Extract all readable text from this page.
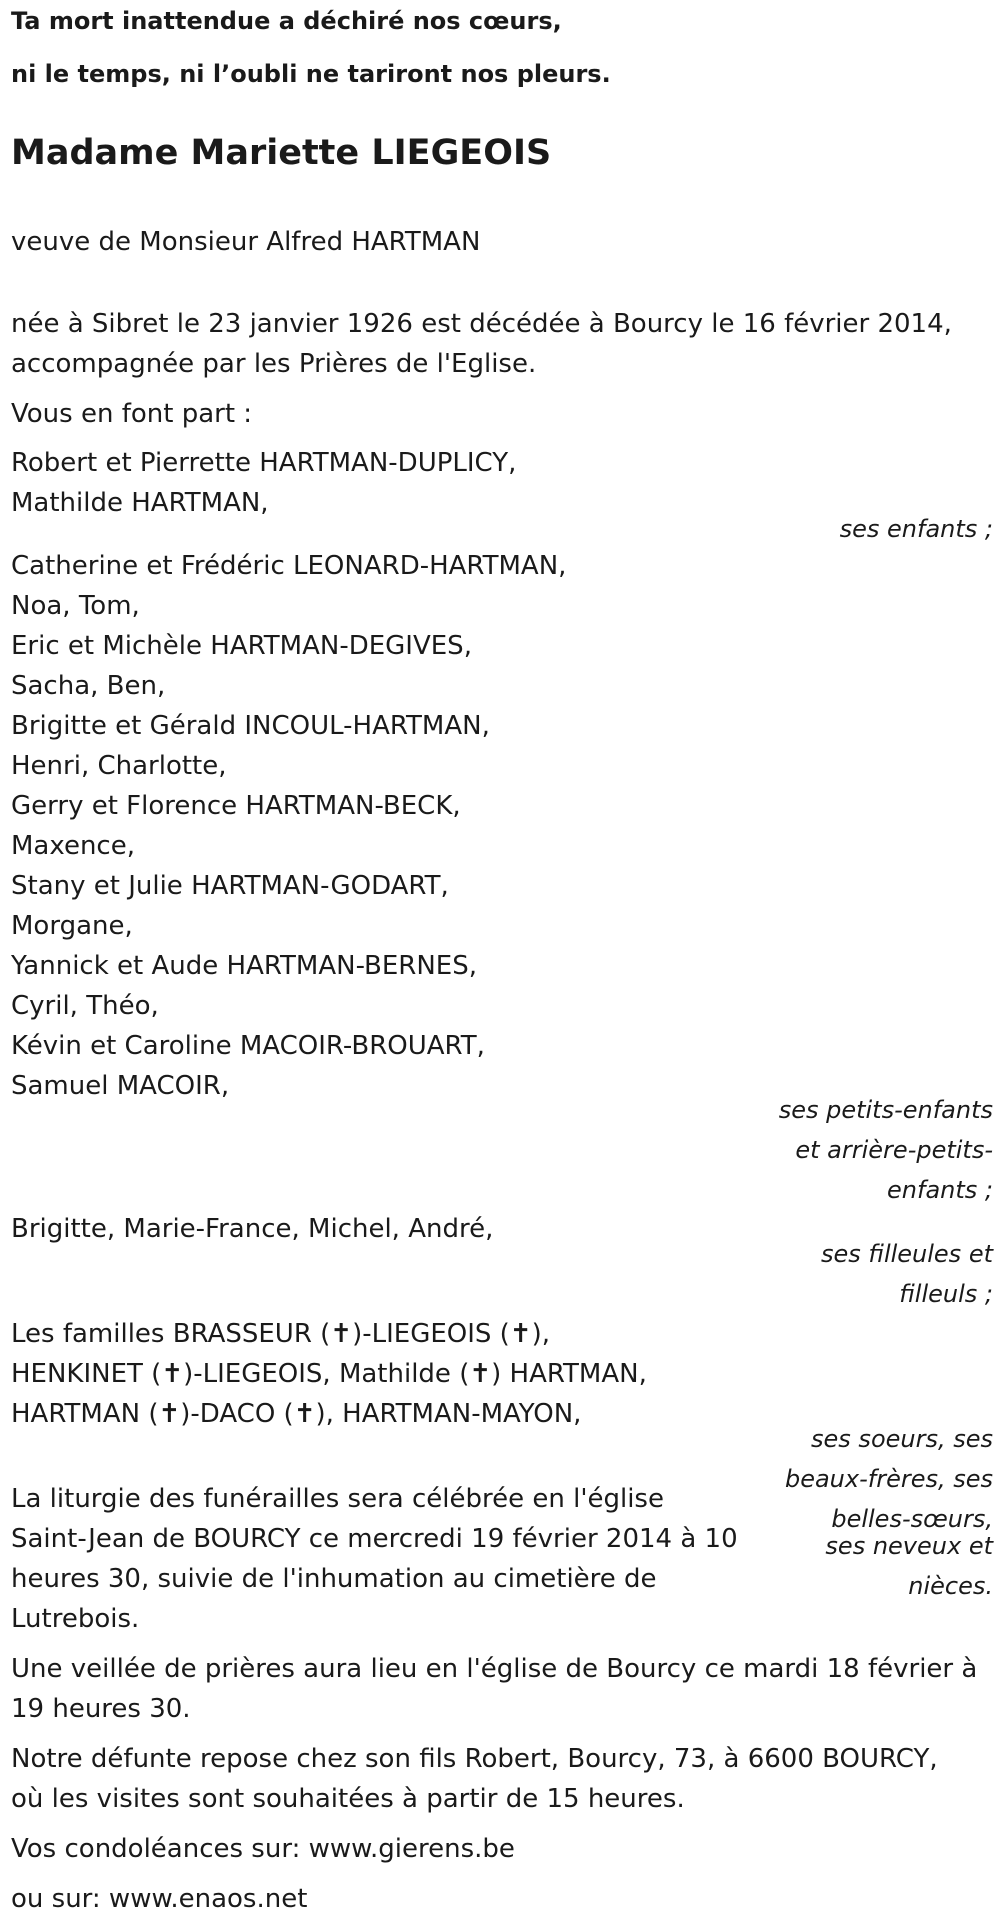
Ta mort inattendue a déchiré nos cœurs,
ni le temps, ni l’oubli ne tariront nos pleurs.
Madame Mariette LIEGEOIS
veuve de Monsieur Alfred HARTMAN
née à Sibret le 23 janvier 1926 est décédée à Bourcy le 16 février 2014,
accompagnée par les Prières de l'Eglise.
Vous en font part :
Robert et Pierrette HARTMAN-DUPLICY,
Mathilde HARTMAN,
ses enfants ;
Catherine et Frédéric LEONARD-HARTMAN,
Noa, Tom,
Eric et Michèle HARTMAN-DEGIVES,
Sacha, Ben,
Brigitte et Gérald INCOUL-HARTMAN,
Henri, Charlotte,
Gerry et Florence HARTMAN-BECK,
Maxence,
Stany et Julie HARTMAN-GODART,
Morgane,
Yannick et Aude HARTMAN-BERNES,
Cyril, Théo,
Kévin et Caroline MACOIR-BROUART,
Samuel MACOIR,
ses petits-enfants
et arrière-petits-
enfants ;
Brigitte, Marie-France, Michel, André,
ses filleules et
filleuls ;
Les familles BRASSEUR (✝)-LIEGEOIS (✝),
HENKINET (✝)-LIEGEOIS, Mathilde (✝) HARTMAN,
HARTMAN (✝)-DACO (✝), HARTMAN-MAYON,
ses soeurs, ses
beaux-frères, ses
belles-sœurs,
ses neveux et
nièces.
La liturgie des funérailles sera célébrée en l'église
Saint-Jean de BOURCY ce mercredi 19 février 2014 à 10
heures 30, suivie de l'inhumation au cimetière de
Lutrebois.
Une veillée de prières aura lieu en l'église de Bourcy ce mardi 18 février à
19 heures 30.
Notre défunte repose chez son fils Robert, Bourcy, 73, à 6600 BOURCY,
où les visites sont souhaitées à partir de 15 heures.
Vos condoléances sur: www.gierens.be
ou sur: www.enaos.net
